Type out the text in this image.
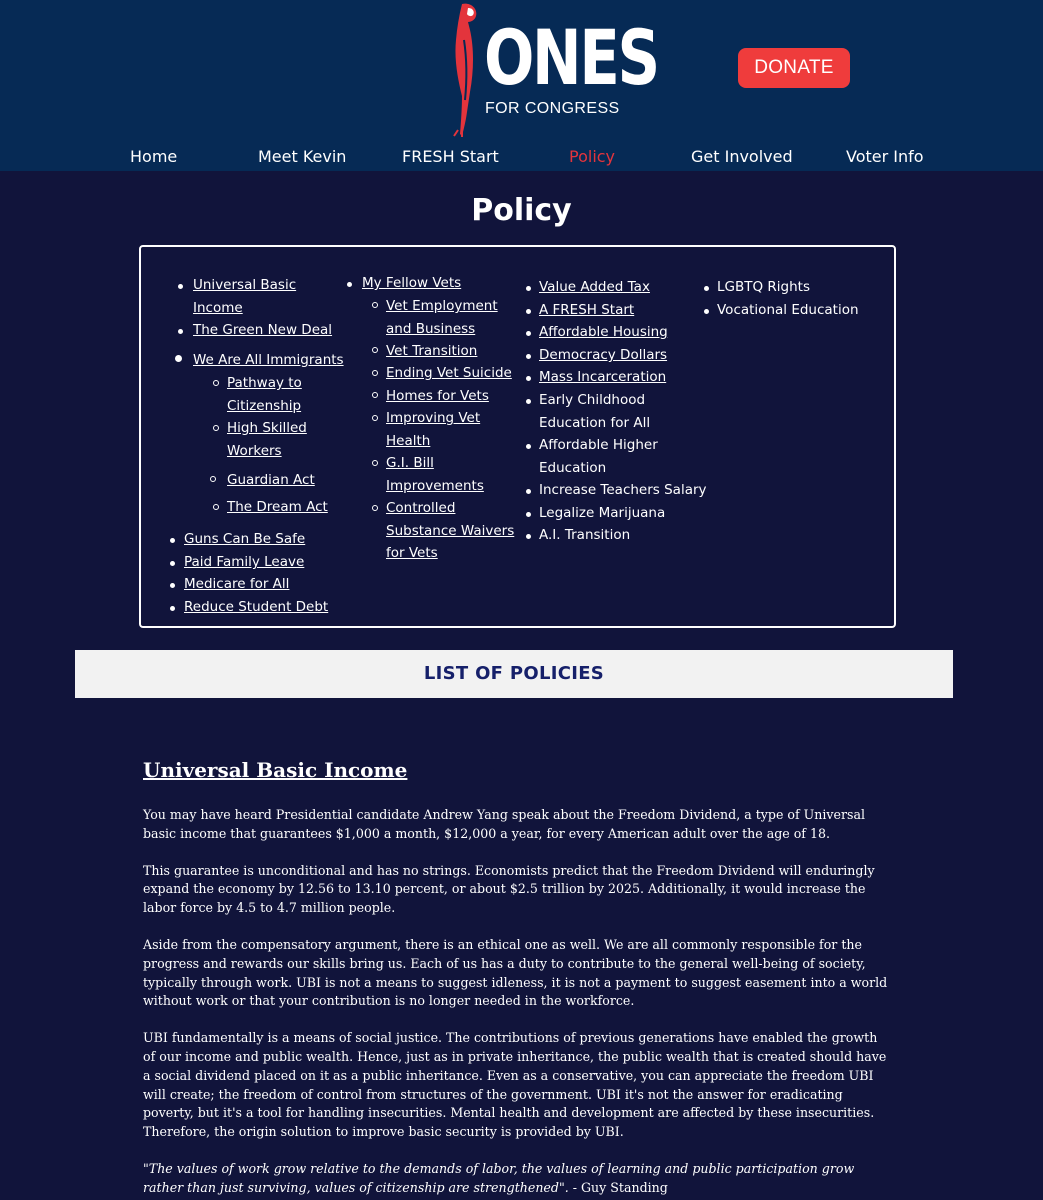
ONES
FOR CONGRESS
DONATE
Home	Meet Kevin	FRESH Start	Policy	Get Involved	Voter Info
Policy
Universal Basic
Income
The Green New Deal
We Are All Immigrants
Pathway to
Citizenship
High Skilled
Workers
Guardian Act
The Dream Act
Guns Can Be Safe
Paid Family Leave
Medicare for All
Reduce Student Debt
My Fellow Vets
Vet Employment
and Business
Vet Transition
Ending Vet Suicide
Homes for Vets
Improving Vet
Health
G.I. Bill
Improvements
Controlled
Substance Waivers
for Vets
Value Added Tax
A FRESH Start
Affordable Housing
Democracy Dollars
Mass Incarceration
Early Childhood
Education for All
Affordable Higher
Education
Increase Teachers Salary
Legalize Marijuana
A.I. Transition
LGBTQ Rights
Vocational Education
LIST OF POLICIES
Universal Basic Income

You may have heard Presidential candidate Andrew Yang speak about the Freedom Dividend, a type of Universal basic income that guarantees $1,000 a month, $12,000 a year, for every American adult over the age of 18.

This guarantee is unconditional and has no strings. Economists predict that the Freedom Dividend will enduringly expand the economy by 12.56 to 13.10 percent, or about $2.5 trillion by 2025. Additionally, it would increase the labor force by 4.5 to 4.7 million people.

Aside from the compensatory argument, there is an ethical one as well. We are all commonly responsible for the progress and rewards our skills bring us. Each of us has a duty to contribute to the general well-being of society, typically through work. UBI is not a means to suggest idleness, it is not a payment to suggest easement into a world without work or that your contribution is no longer needed in the workforce.

UBI fundamentally is a means of social justice. The contributions of previous generations have enabled the growth of our income and public wealth. Hence, just as in private inheritance, the public wealth that is created should have a social dividend placed on it as a public inheritance. Even as a conservative, you can appreciate the freedom UBI will create; the freedom of control from structures of the government. UBI it's not the answer for eradicating poverty, but it's a tool for handling insecurities. Mental health and development are affected by these insecurities. Therefore, the origin solution to improve basic security is provided by UBI.

"The values of work grow relative to the demands of labor, the values of learning and public participation grow rather than just surviving, values of citizenship are strengthened". - Guy Standing
